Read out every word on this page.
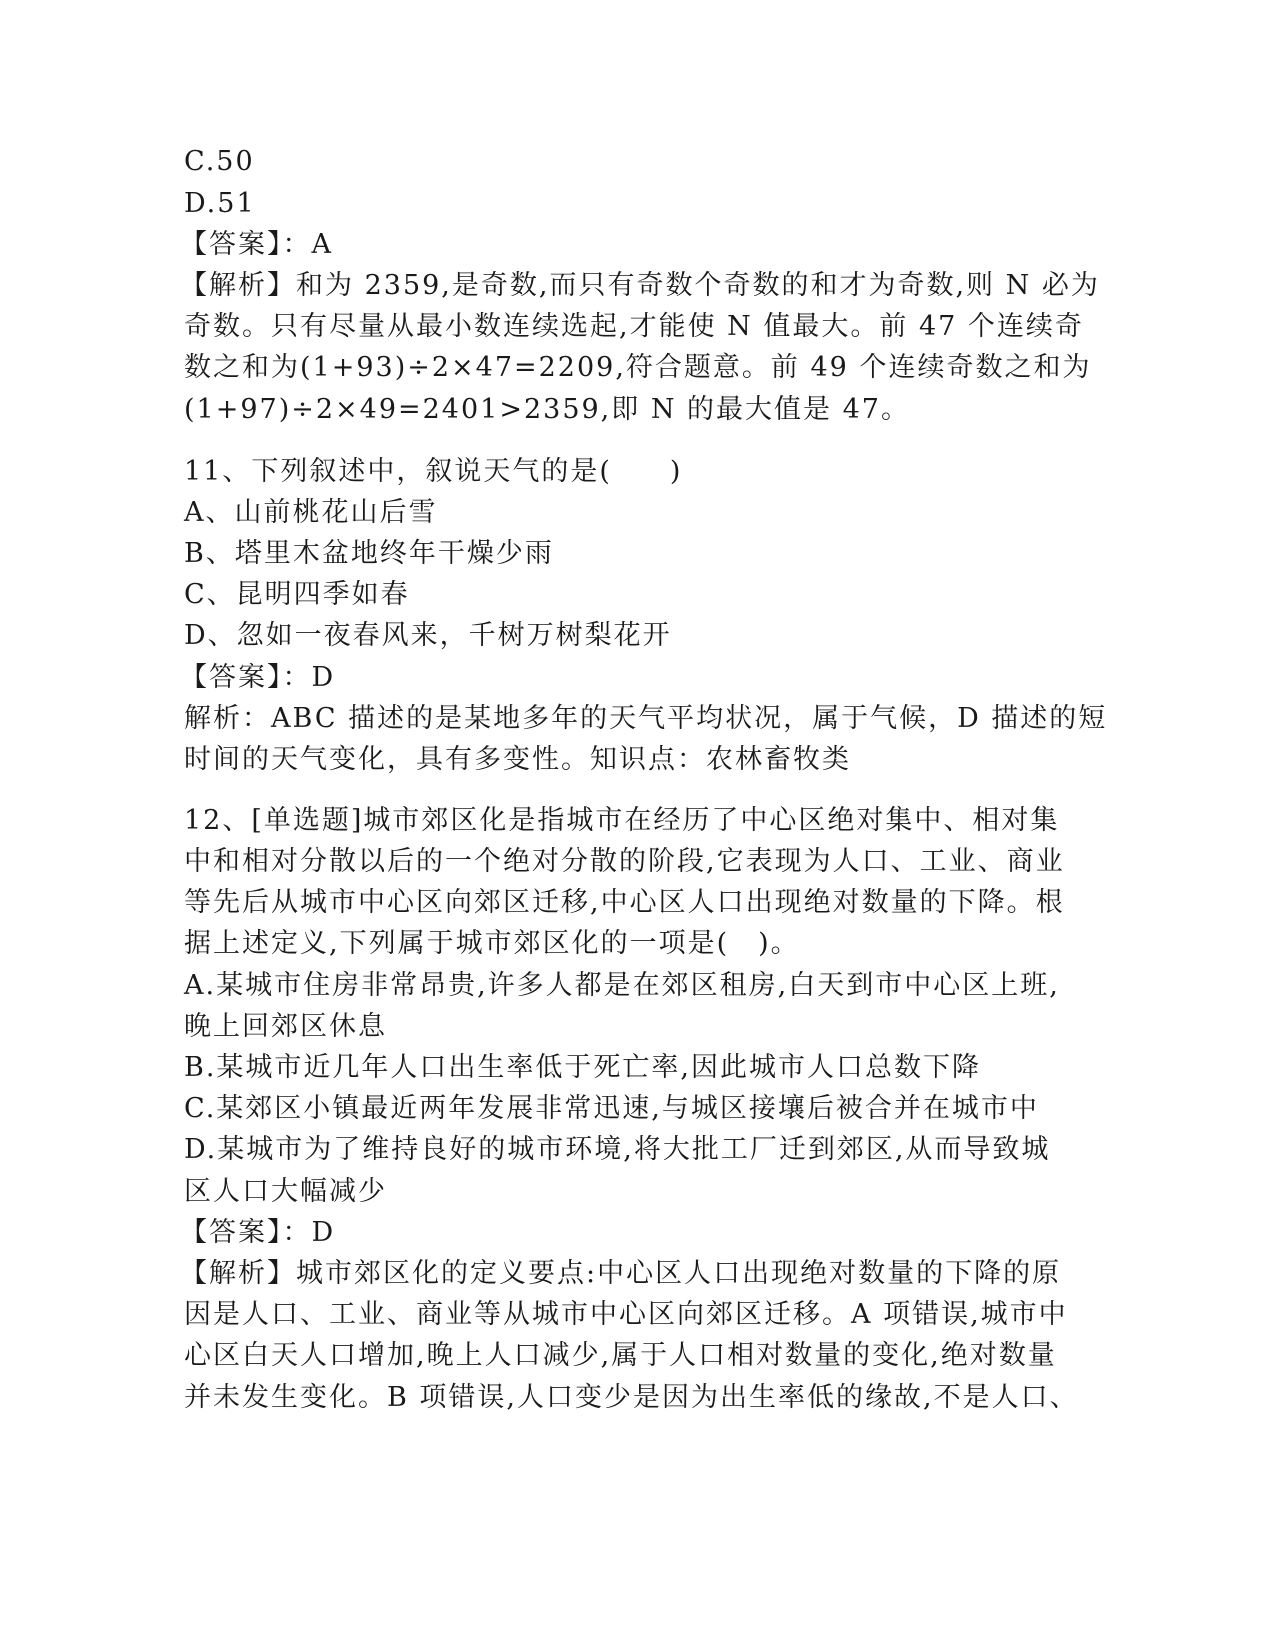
C.50
D.51
【答案】：A
【解析】和为 2359,是奇数,而只有奇数个奇数的和才为奇数,则 N 必为
奇数。只有尽量从最小数连续选起,才能使 N 值最大。前 47 个连续奇
数之和为(1+93)÷2×47=2209,符合题意。前 49 个连续奇数之和为
(1+97)÷2×49=2401>2359,即 N 的最大值是 47。
11、下列叙述中，叙说天气的是(　　)
A、山前桃花山后雪
B、塔里木盆地终年干燥少雨
C、昆明四季如春
D、忽如一夜春风来，千树万树梨花开
【答案】：D
解析：ABC 描述的是某地多年的天气平均状况，属于气候，D 描述的短
时间的天气变化，具有多变性。知识点：农林畜牧类
12、[单选题]城市郊区化是指城市在经历了中心区绝对集中、相对集
中和相对分散以后的一个绝对分散的阶段,它表现为人口、工业、商业
等先后从城市中心区向郊区迁移,中心区人口出现绝对数量的下降。根
据上述定义,下列属于城市郊区化的一项是(　)。
A.某城市住房非常昂贵,许多人都是在郊区租房,白天到市中心区上班,
晚上回郊区休息
B.某城市近几年人口出生率低于死亡率,因此城市人口总数下降
C.某郊区小镇最近两年发展非常迅速,与城区接壤后被合并在城市中
D.某城市为了维持良好的城市环境,将大批工厂迁到郊区,从而导致城
区人口大幅减少
【答案】：D
【解析】城市郊区化的定义要点:中心区人口出现绝对数量的下降的原
因是人口、工业、商业等从城市中心区向郊区迁移。A 项错误,城市中
心区白天人口增加,晚上人口减少,属于人口相对数量的变化,绝对数量
并未发生变化。B 项错误,人口变少是因为出生率低的缘故,不是人口、
